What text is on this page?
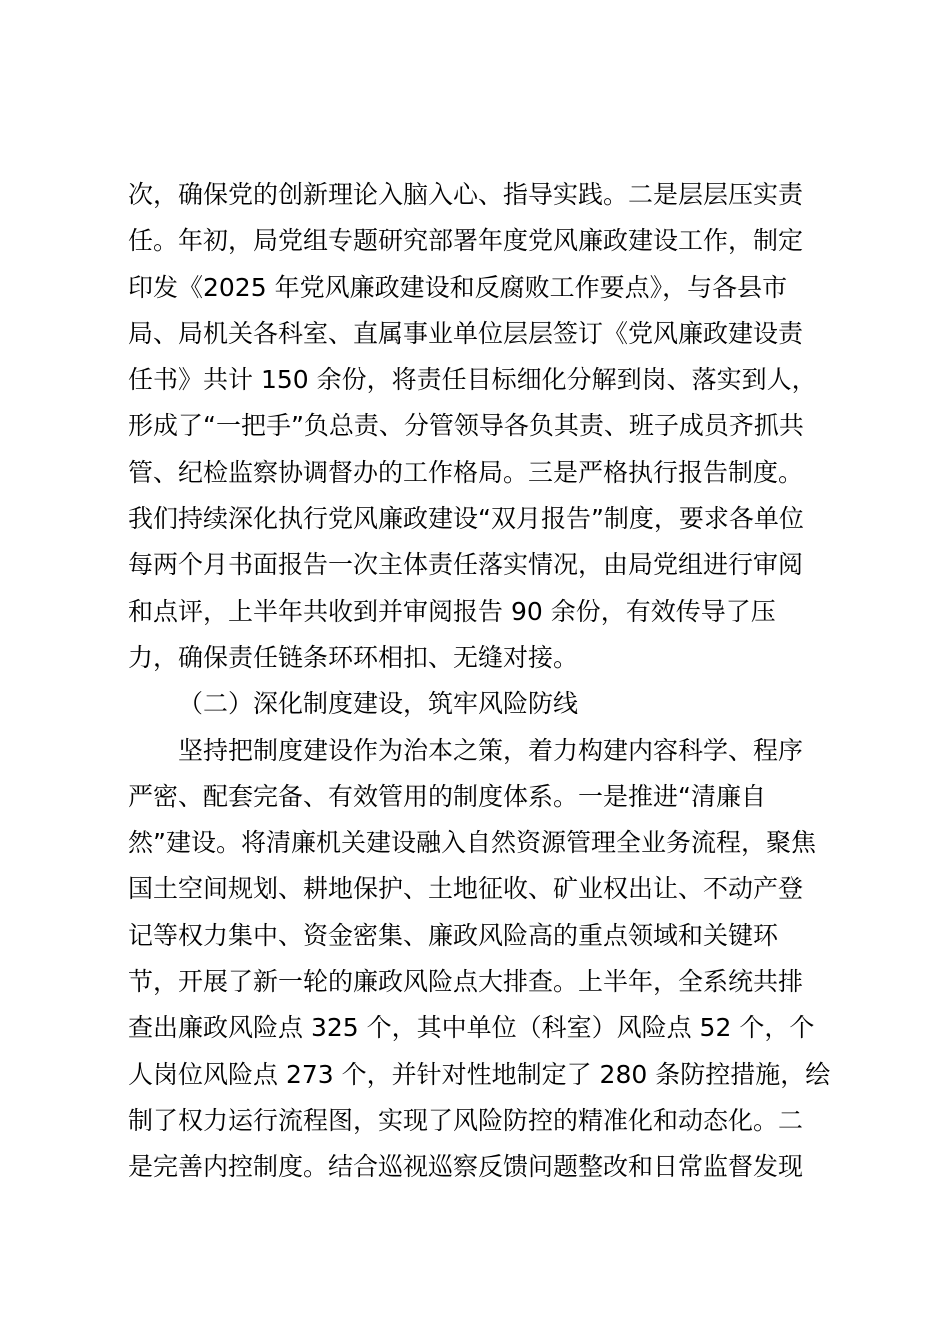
次，确保党的创新理论入脑入心、指导实践。二是层层压实责
任。年初，局党组专题研究部署年度党风廉政建设工作，制定
印发《2025 年党风廉政建设和反腐败工作要点》，与各县市
局、局机关各科室、直属事业单位层层签订《党风廉政建设责
任书》共计 150 余份，将责任目标细化分解到岗、落实到人，
形成了“一把手”负总责、分管领导各负其责、班子成员齐抓共
管、纪检监察协调督办的工作格局。三是严格执行报告制度。
我们持续深化执行党风廉政建设“双月报告”制度，要求各单位
每两个月书面报告一次主体责任落实情况，由局党组进行审阅
和点评，上半年共收到并审阅报告 90 余份，有效传导了压
力，确保责任链条环环相扣、无缝对接。
（二）深化制度建设，筑牢风险防线
坚持把制度建设作为治本之策，着力构建内容科学、程序
严密、配套完备、有效管用的制度体系。一是推进“清廉自
然”建设。将清廉机关建设融入自然资源管理全业务流程，聚焦
国土空间规划、耕地保护、土地征收、矿业权出让、不动产登
记等权力集中、资金密集、廉政风险高的重点领域和关键环
节，开展了新一轮的廉政风险点大排查。上半年，全系统共排
查出廉政风险点 325 个，其中单位（科室）风险点 52 个，个
人岗位风险点 273 个，并针对性地制定了 280 条防控措施，绘
制了权力运行流程图，实现了风险防控的精准化和动态化。二
是完善内控制度。结合巡视巡察反馈问题整改和日常监督发现
